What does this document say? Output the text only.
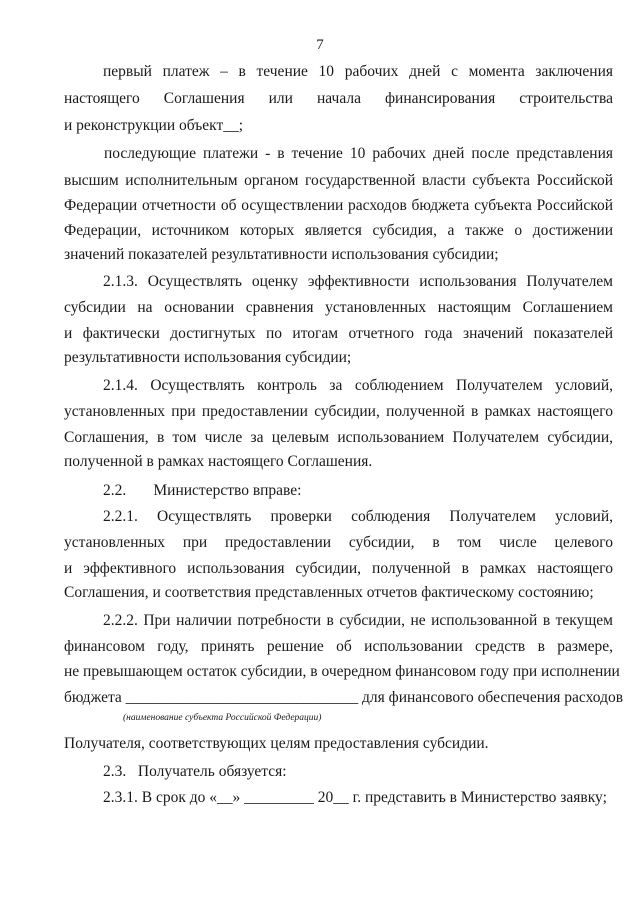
7
первый платеж – в течение 10 рабочих дней с момента заключения
настоящего Соглашения или начала финансирования строительства
и реконструкции объект__;
последующие платежи - в течение 10 рабочих дней после представления
высшим исполнительным органом государственной власти субъекта Российской
Федерации отчетности об осуществлении расходов бюджета субъекта Российской
Федерации, источником которых является субсидия, а также о достижении
значений показателей результативности использования субсидии;
2.1.3. Осуществлять оценку эффективности использования Получателем
субсидии на основании сравнения установленных настоящим Соглашением
и фактически достигнутых по итогам отчетного года значений показателей
результативности использования субсидии;
2.1.4. Осуществлять контроль за соблюдением Получателем условий,
установленных при предоставлении субсидии, полученной в рамках настоящего
Соглашения, в том числе за целевым использованием Получателем субсидии,
полученной в рамках настоящего Соглашения.
2.2.       Министерство вправе:
2.2.1. Осуществлять проверки соблюдения Получателем условий,
установленных при предоставлении субсидии, в том числе целевого
и эффективного использования субсидии, полученной в рамках настоящего
Соглашения, и соответствия представленных отчетов фактическому состоянию;
2.2.2. При наличии потребности в субсидии, не использованной в текущем
финансовом году, принять решение об использовании средств в размере,
не превышающем остаток субсидии, в очередном финансовом году при исполнении
бюджета ______________________________ для финансового обеспечения расходов
(наименование субъекта Российской Федерации)
Получателя, соответствующих целям предоставления субсидии.
2.3.   Получатель обязуется:
2.3.1. В срок до «__» _________ 20__ г. представить в Министерство заявку;
